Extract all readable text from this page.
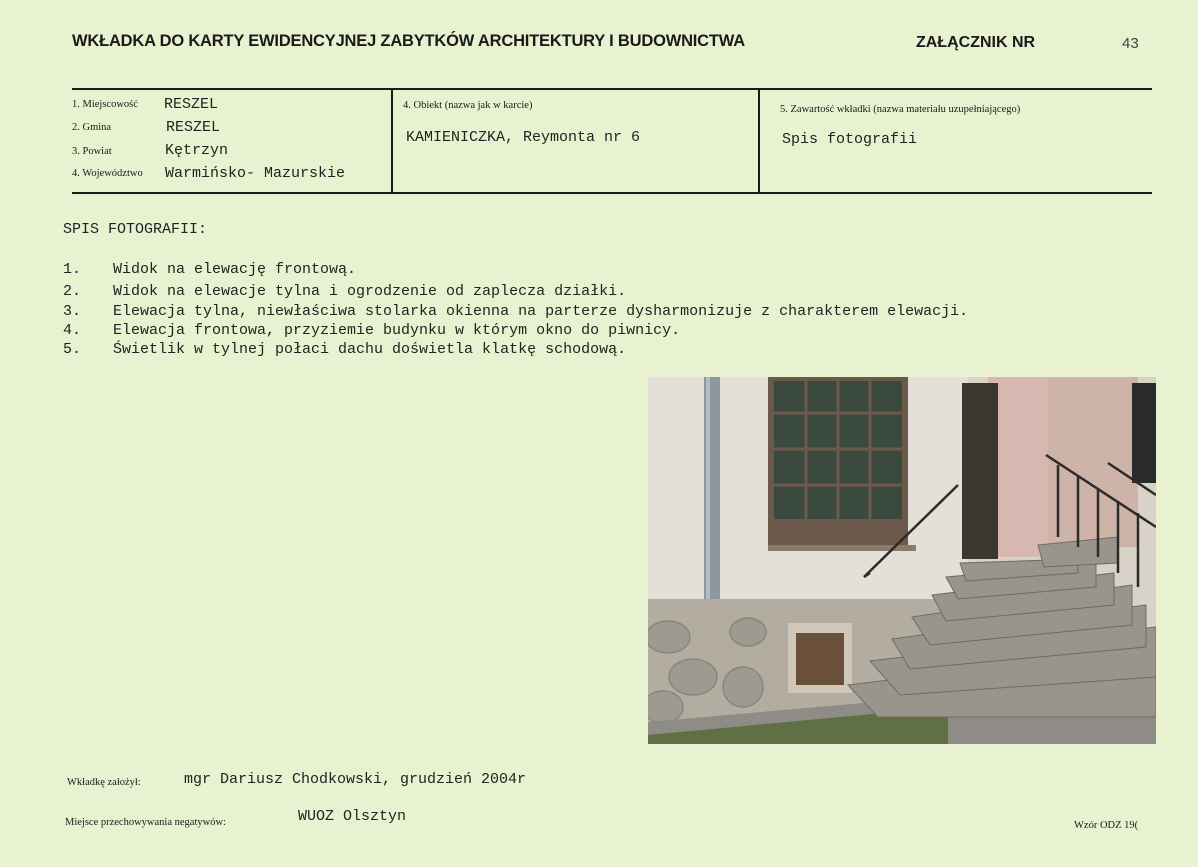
WKŁADKA DO KARTY EWIDENCYJNEJ ZABYTKÓW ARCHITEKTURY I BUDOWNICTWA	ZAŁĄCZNIK NR	43
1. Miejscowość RESZEL
2. Gmina	RESZEL
3. Powiat	Kętrzyn
4. Województwo Warmińsko- Mazurskie
4. Obiekt (nazwa jak w karcie)
KAMIENICZKA, Reymonta nr 6
5. Zawartość wkładki (nazwa materiału uzupełniającego)
Spis fotografii
SPIS FOTOGRAFII:
1. Widok na elewację frontową.
2. Widok na elewacje tylna i ogrodzenie od zaplecza działki.
3. Elewacja tylna, niewłaściwa stolarka okienna na parterze dysharmonizuje z charakterem elewacji.
4. Elewacja frontowa, przyziemie budynku w którym okno do piwnicy.
5. Świetlik w tylnej połaci dachu doświetla klatkę schodową.
Wkładkę założył:	mgr Dariusz Chodkowski, grudzień 2004r
Miejsce przechowywania negatywów:	WUOZ Olsztyn
Wzór ODZ 19(
